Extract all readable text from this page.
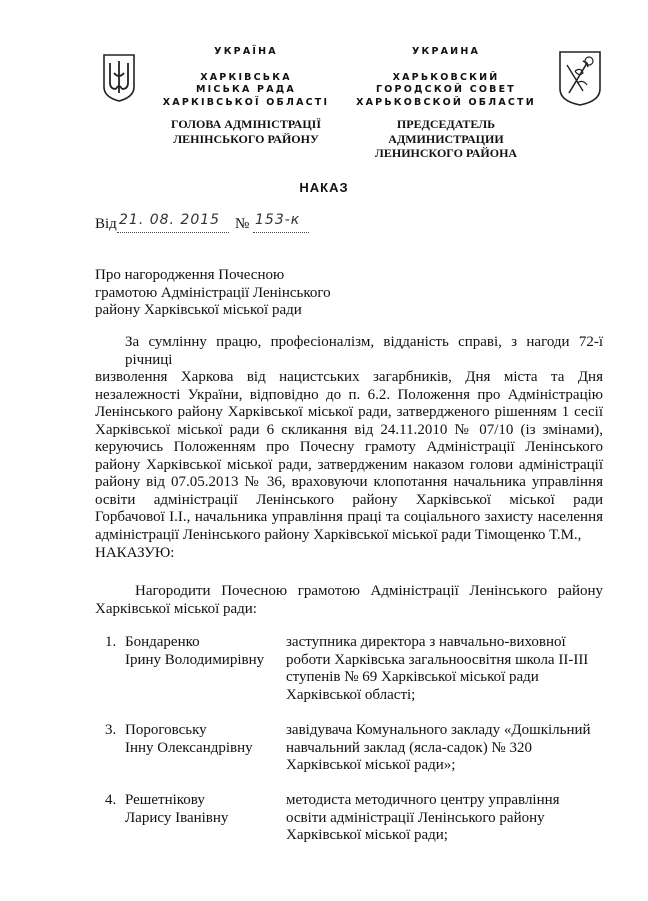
УКРАЇНА
ХАРКІВСЬКА
МІСЬКА РАДА
ХАРКІВСЬКОЇ ОБЛАСТІ
ГОЛОВА АДМІНІСТРАЦІЇ
ЛЕНІНСЬКОГО РАЙОНУ
УКРАИНА
ХАРЬКОВСКИЙ
ГОРОДСКОЙ СОВЕТ
ХАРЬКОВСКОЙ ОБЛАСТИ
ПРЕДСЕДАТЕЛЬ АДМИНИСТРАЦИИ
ЛЕНИНСКОГО РАЙОНА
НАКАЗ
Від 21. 08. 2015 № 153-к
Про нагородження Почесною
грамотою Адміністрації Ленінського
району Харківської міської ради
За сумлінну працю, професіоналізм, відданість справі, з нагоди 72-ї річниці
визволення Харкова від нацистських загарбників, Дня міста та Дня
незалежності України, відповідно до п. 6.2. Положення про Адміністрацію
Ленінського району Харківської міської ради, затвердженого рішенням 1 сесії
Харківської міської ради 6 скликання від 24.11.2010 № 07/10 (із змінами),
керуючись Положенням про Почесну грамоту Адміністрації Ленінського
району Харківської міської ради, затвердженим наказом голови адміністрації
району від 07.05.2013 № 36, враховуючи клопотання начальника управління
освіти адміністрації Ленінського району Харківської міської ради
Горбачової І.І., начальника управління праці та соціального захисту населення
адміністрації Ленінського району Харківської міської ради Тімощенко Т.М.,
НАКАЗУЮ:
Нагородити Почесною грамотою Адміністрації Ленінського району
Харківської міської ради:
1. Бондаренко
Ірину Володимирівну
заступника директора з навчально-виховної
роботи Харківська загальноосвітня школа ІІ-ІІІ
ступенів № 69 Харківської міської ради
Харківської області;
3. Пороговську
Інну Олександрівну
завідувача Комунального закладу «Дошкільний
навчальний заклад (ясла-садок) № 320
Харківської міської ради»;
4. Решетнікову
Ларису Іванівну
методиста методичного центру управління
освіти адміністрації Ленінського району
Харківської міської ради;
